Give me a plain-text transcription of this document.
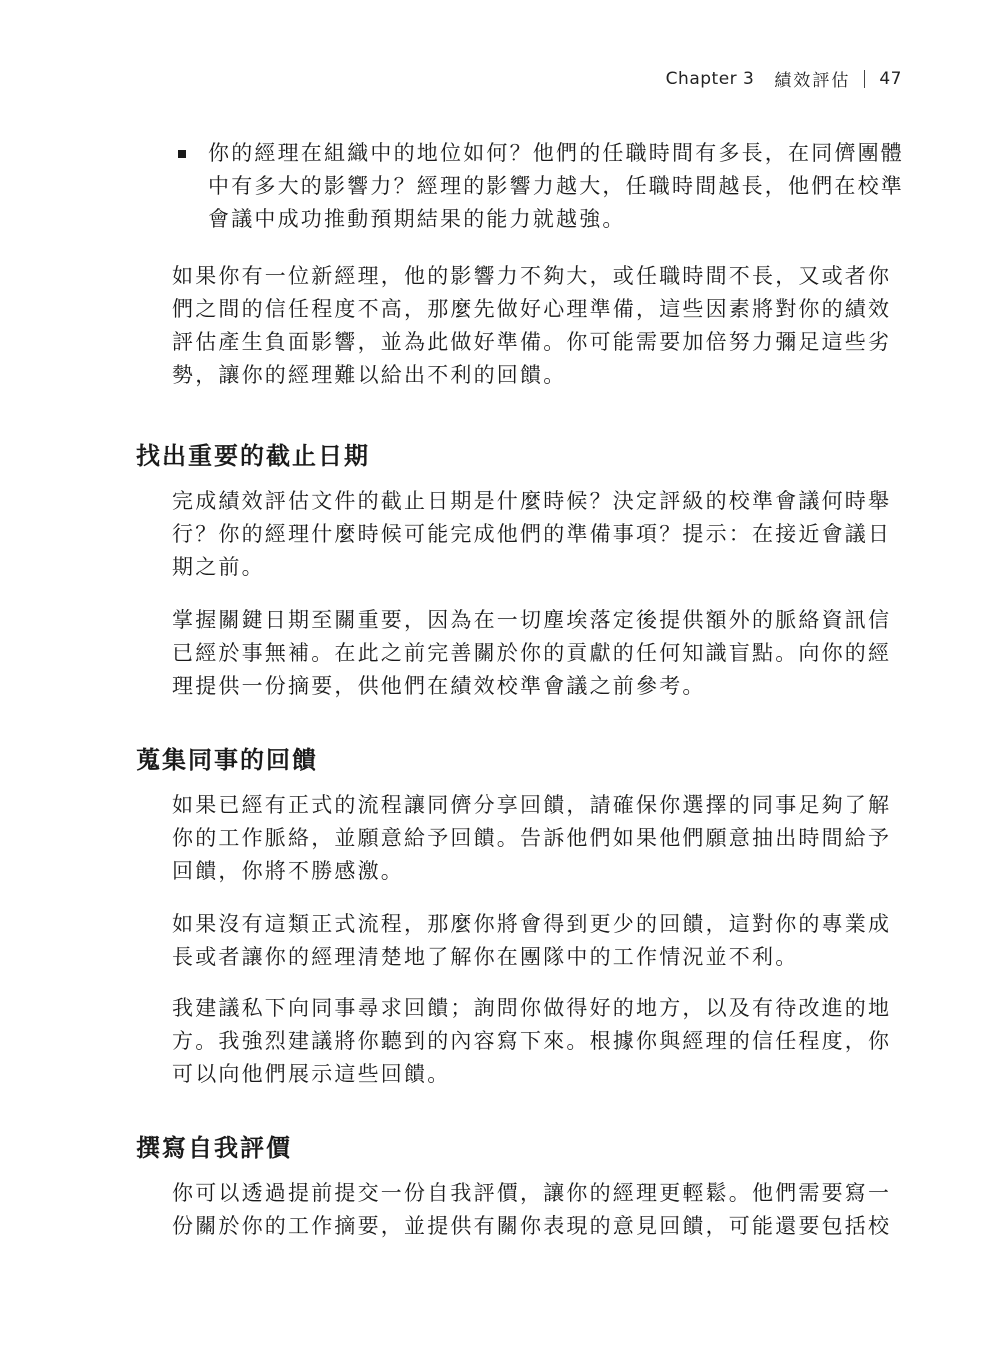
Chapter 3 績效評估 47
你的經理在組織中的地位如何？他們的任職時間有多長，在同儕團體中有多大的影響力？經理的影響力越大，任職時間越長，他們在校準會議中成功推動預期結果的能力就越強。

如果你有一位新經理，他的影響力不夠大，或任職時間不長，又或者你們之間的信任程度不高，那麼先做好心理準備，這些因素將對你的績效評估產生負面影響，並為此做好準備。你可能需要加倍努力彌足這些劣勢，讓你的經理難以給出不利的回饋。

找出重要的截止日期

完成績效評估文件的截止日期是什麼時候？決定評級的校準會議何時舉行？你的經理什麼時候可能完成他們的準備事項？提示：在接近會議日期之前。

掌握關鍵日期至關重要，因為在一切塵埃落定後提供額外的脈絡資訊信已經於事無補。在此之前完善關於你的貢獻的任何知識盲點。向你的經理提供一份摘要，供他們在績效校準會議之前參考。

蒐集同事的回饋

如果已經有正式的流程讓同儕分享回饋，請確保你選擇的同事足夠了解你的工作脈絡，並願意給予回饋。告訴他們如果他們願意抽出時間給予回饋，你將不勝感激。

如果沒有這類正式流程，那麼你將會得到更少的回饋，這對你的專業成長或者讓你的經理清楚地了解你在團隊中的工作情況並不利。

我建議私下向同事尋求回饋；詢問你做得好的地方，以及有待改進的地方。我強烈建議將你聽到的內容寫下來。根據你與經理的信任程度，你可以向他們展示這些回饋。

撰寫自我評價

你可以透過提前提交一份自我評價，讓你的經理更輕鬆。他們需要寫一份關於你的工作摘要，並提供有關你表現的意見回饋，可能還要包括校
